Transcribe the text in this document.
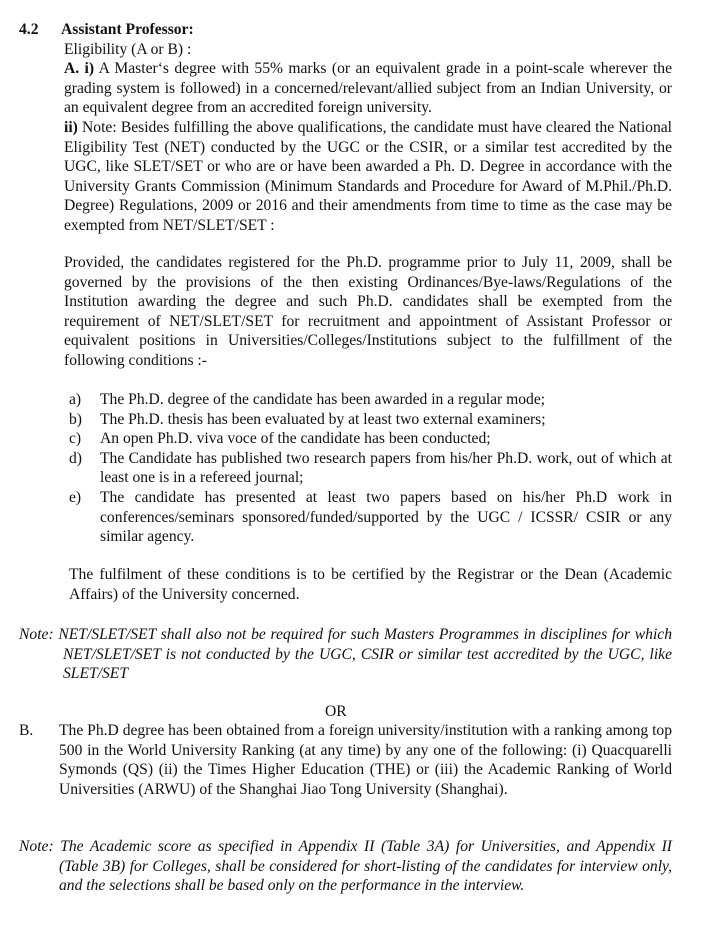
4.2 Assistant Professor:
Eligibility (A or B) :
A. i) A Master‘s degree with 55% marks (or an equivalent grade in a point-scale wherever the grading system is followed) in a concerned/relevant/allied subject from an Indian University, or an equivalent degree from an accredited foreign university.
ii) Note: Besides fulfilling the above qualifications, the candidate must have cleared the National Eligibility Test (NET) conducted by the UGC or the CSIR, or a similar test accredited by the UGC, like SLET/SET or who are or have been awarded a Ph. D. Degree in accordance with the University Grants Commission (Minimum Standards and Procedure for Award of M.Phil./Ph.D. Degree) Regulations, 2009 or 2016 and their amendments from time to time as the case may be exempted from NET/SLET/SET :
Provided, the candidates registered for the Ph.D. programme prior to July 11, 2009, shall be governed by the provisions of the then existing Ordinances/Bye-laws/Regulations of the Institution awarding the degree and such Ph.D. candidates shall be exempted from the requirement of NET/SLET/SET for recruitment and appointment of Assistant Professor or equivalent positions in Universities/Colleges/Institutions subject to the fulfillment of the following conditions :-
a) The Ph.D. degree of the candidate has been awarded in a regular mode;
b) The Ph.D. thesis has been evaluated by at least two external examiners;
c) An open Ph.D. viva voce of the candidate has been conducted;
d) The Candidate has published two research papers from his/her Ph.D. work, out of which at least one is in a refereed journal;
e) The candidate has presented at least two papers based on his/her Ph.D work in conferences/seminars sponsored/funded/supported by the UGC / ICSSR/ CSIR or any similar agency.
The fulfilment of these conditions is to be certified by the Registrar or the Dean (Academic Affairs) of the University concerned.
Note: NET/SLET/SET shall also not be required for such Masters Programmes in disciplines for which NET/SLET/SET is not conducted by the UGC, CSIR or similar test accredited by the UGC, like SLET/SET
OR
B. The Ph.D degree has been obtained from a foreign university/institution with a ranking among top 500 in the World University Ranking (at any time) by any one of the following: (i) Quacquarelli Symonds (QS) (ii) the Times Higher Education (THE) or (iii) the Academic Ranking of World Universities (ARWU) of the Shanghai Jiao Tong University (Shanghai).
Note: The Academic score as specified in Appendix II (Table 3A) for Universities, and Appendix II (Table 3B) for Colleges, shall be considered for short-listing of the candidates for interview only, and the selections shall be based only on the performance in the interview.
